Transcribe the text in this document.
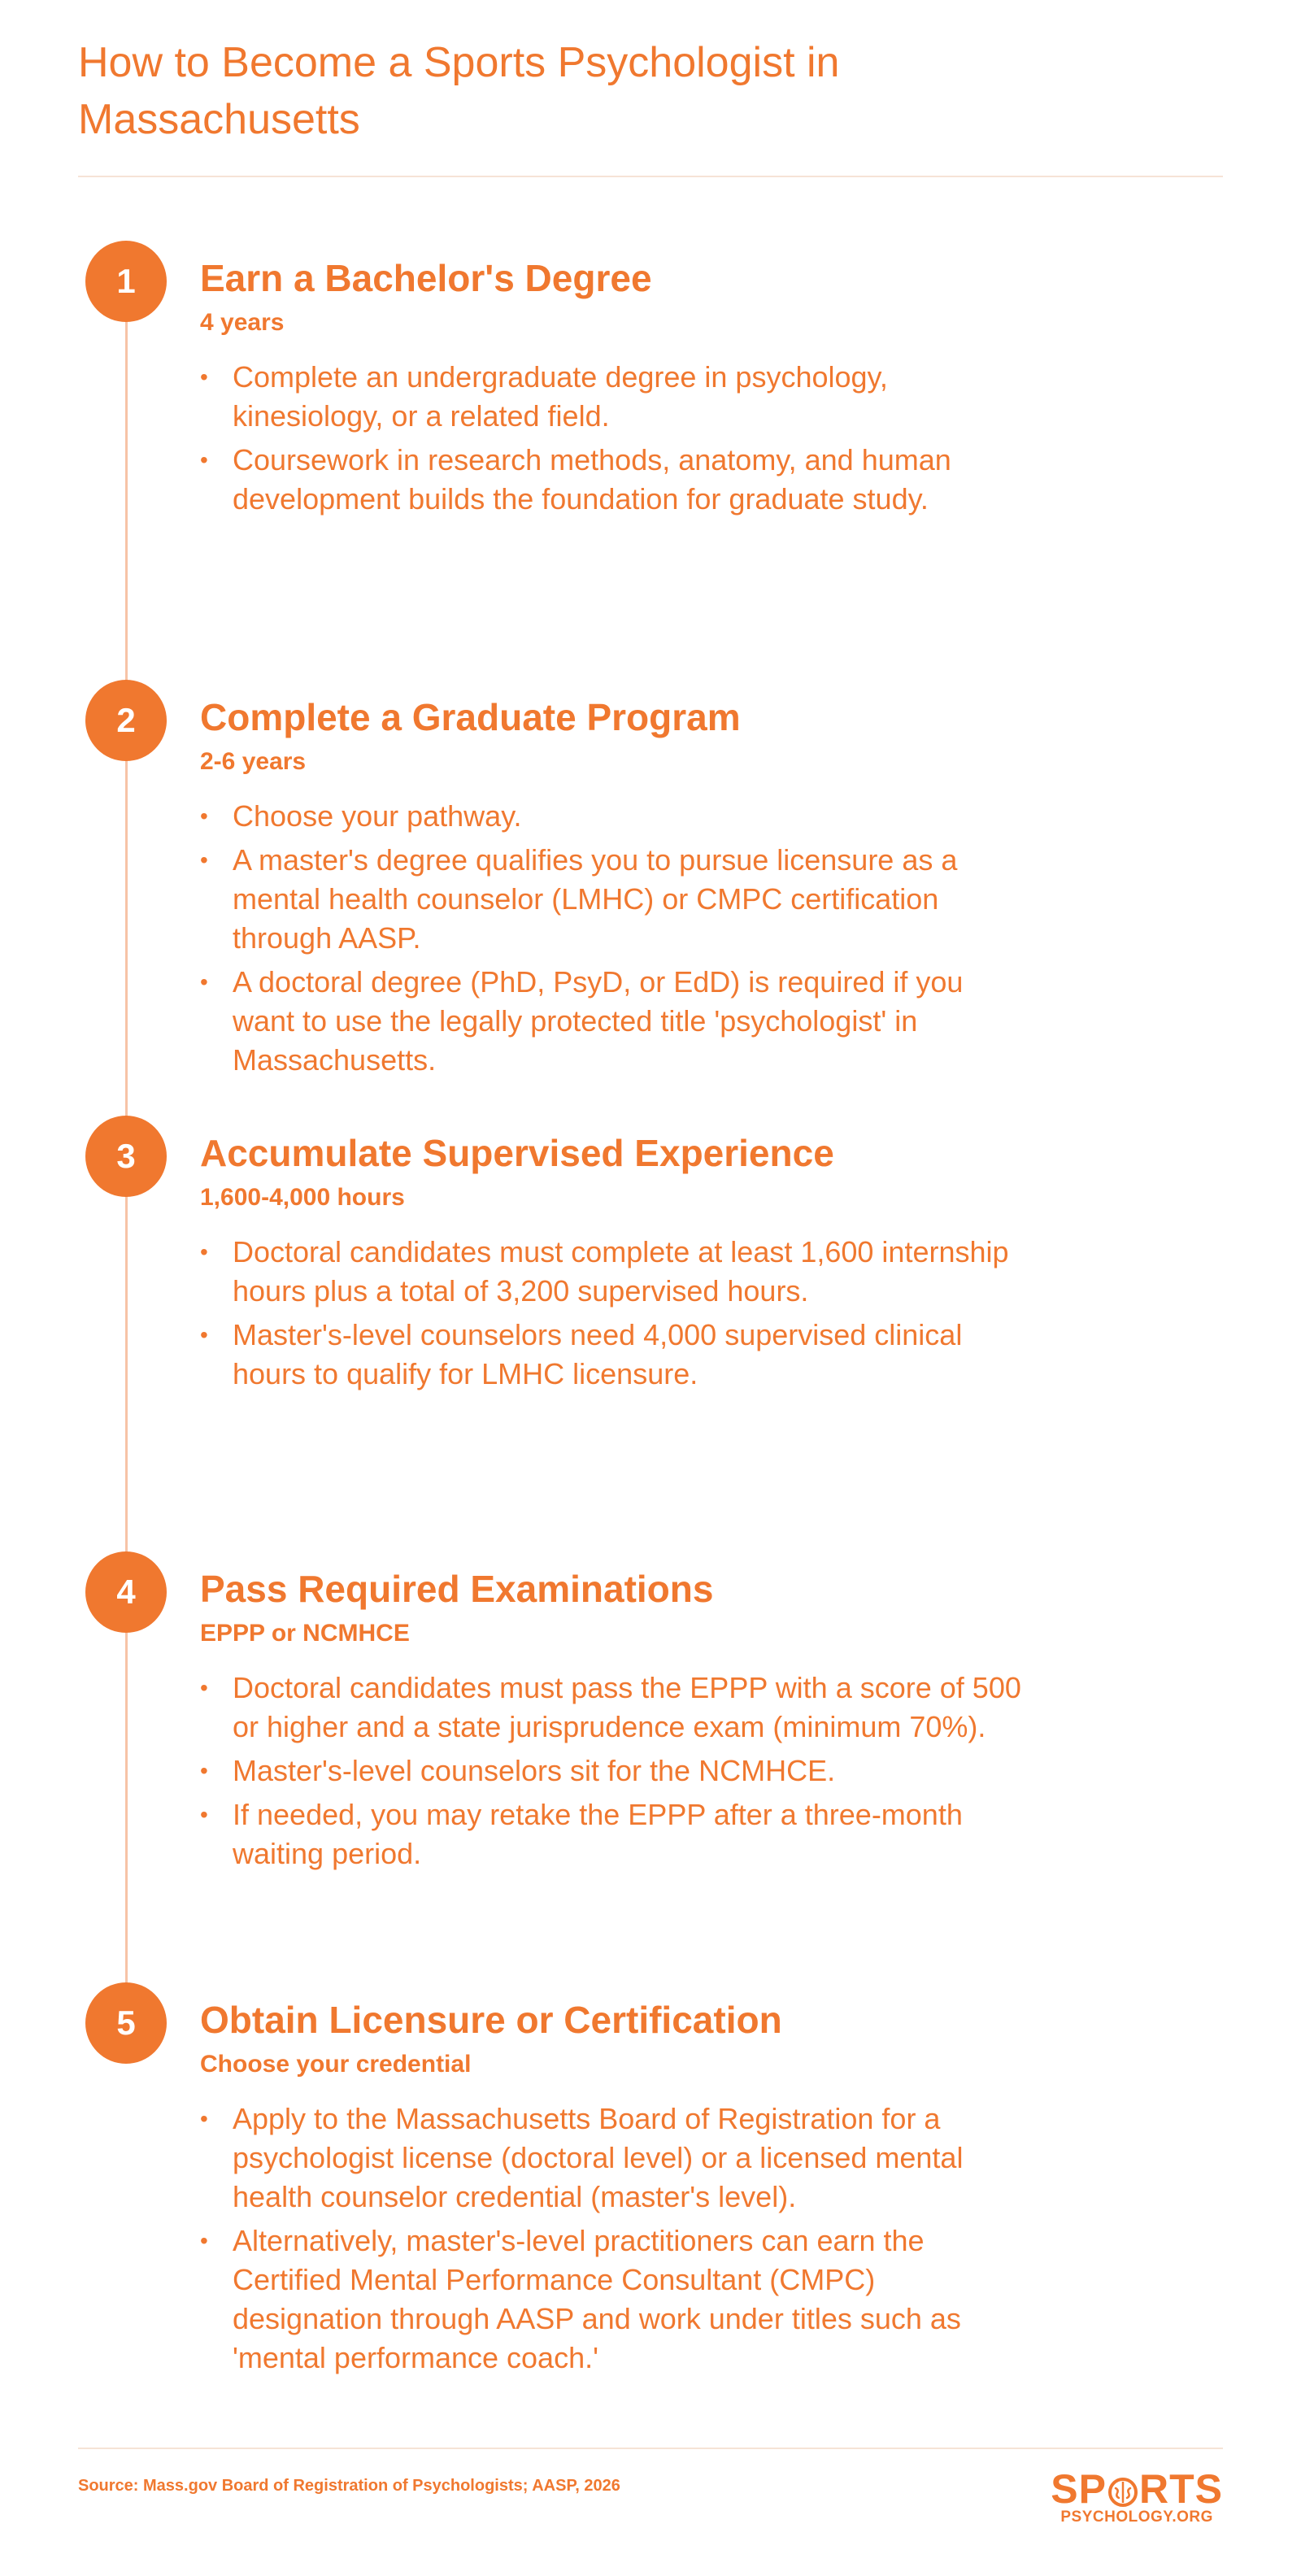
How to Become a Sports Psychologist in Massachusetts
1	Earn a Bachelor's Degree

4 years

• Complete an undergraduate degree in psychology, kinesiology, or a related field.
• Coursework in research methods, anatomy, and human development builds the foundation for graduate study.
2	Complete a Graduate Program

2-6 years

• Choose your pathway.
• A master's degree qualifies you to pursue licensure as a mental health counselor (LMHC) or CMPC certification through AASP.
• A doctoral degree (PhD, PsyD, or EdD) is required if you want to use the legally protected title 'psychologist' in Massachusetts.
3	Accumulate Supervised Experience

1,600-4,000 hours

• Doctoral candidates must complete at least 1,600 internship hours plus a total of 3,200 supervised hours.
• Master's-level counselors need 4,000 supervised clinical hours to qualify for LMHC licensure.
4	Pass Required Examinations

EPPP or NCMHCE

• Doctoral candidates must pass the EPPP with a score of 500 or higher and a state jurisprudence exam (minimum 70%).
• Master's-level counselors sit for the NCMHCE.
• If needed, you may retake the EPPP after a three-month waiting period.
5	Obtain Licensure or Certification

Choose your credential

• Apply to the Massachusetts Board of Registration for a psychologist license (doctoral level) or a licensed mental health counselor credential (master's level).
• Alternatively, master's-level practitioners can earn the Certified Mental Performance Consultant (CMPC) designation through AASP and work under titles such as 'mental performance coach.'
Source: Mass.gov Board of Registration of Psychologists; AASP, 2026	SP RTS
PSYCHOLOGY.ORG
